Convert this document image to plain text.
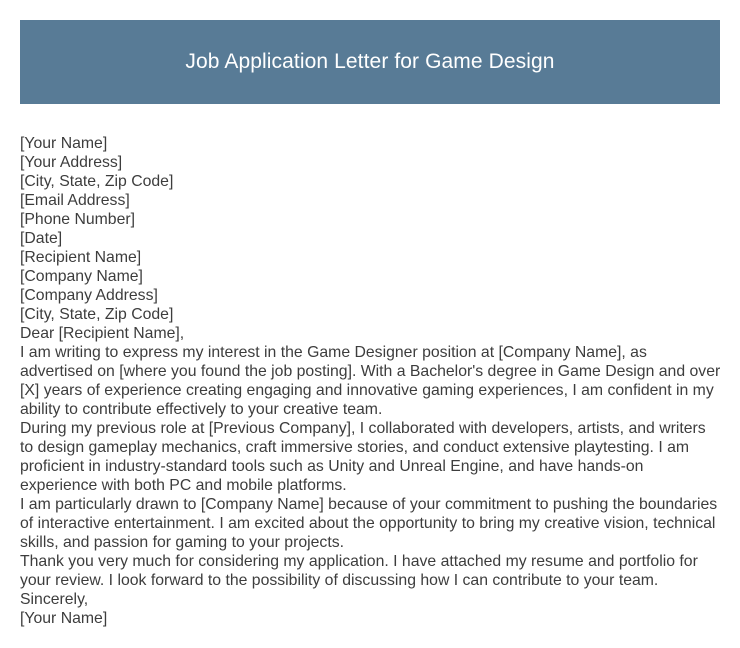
Job Application Letter for Game Design

[Your Name]

[Your Address]

[City, State, Zip Code]

[Email Address]

[Phone Number]

[Date]

[Recipient Name]

[Company Name]

[Company Address]

[City, State, Zip Code]

Dear [Recipient Name],

I am writing to express my interest in the Game Designer position at [Company Name], as advertised on [where you found the job posting]. With a Bachelor's degree in Game Design and over [X] years of experience creating engaging and innovative gaming experiences, I am confident in my ability to contribute effectively to your creative team.

During my previous role at [Previous Company], I collaborated with developers, artists, and writers to design gameplay mechanics, craft immersive stories, and conduct extensive playtesting. I am proficient in industry-standard tools such as Unity and Unreal Engine, and have hands-on experience with both PC and mobile platforms.

I am particularly drawn to [Company Name] because of your commitment to pushing the boundaries of interactive entertainment. I am excited about the opportunity to bring my creative vision, technical skills, and passion for gaming to your projects.

Thank you very much for considering my application. I have attached my resume and portfolio for your review. I look forward to the possibility of discussing how I can contribute to your team.

Sincerely,

[Your Name]
